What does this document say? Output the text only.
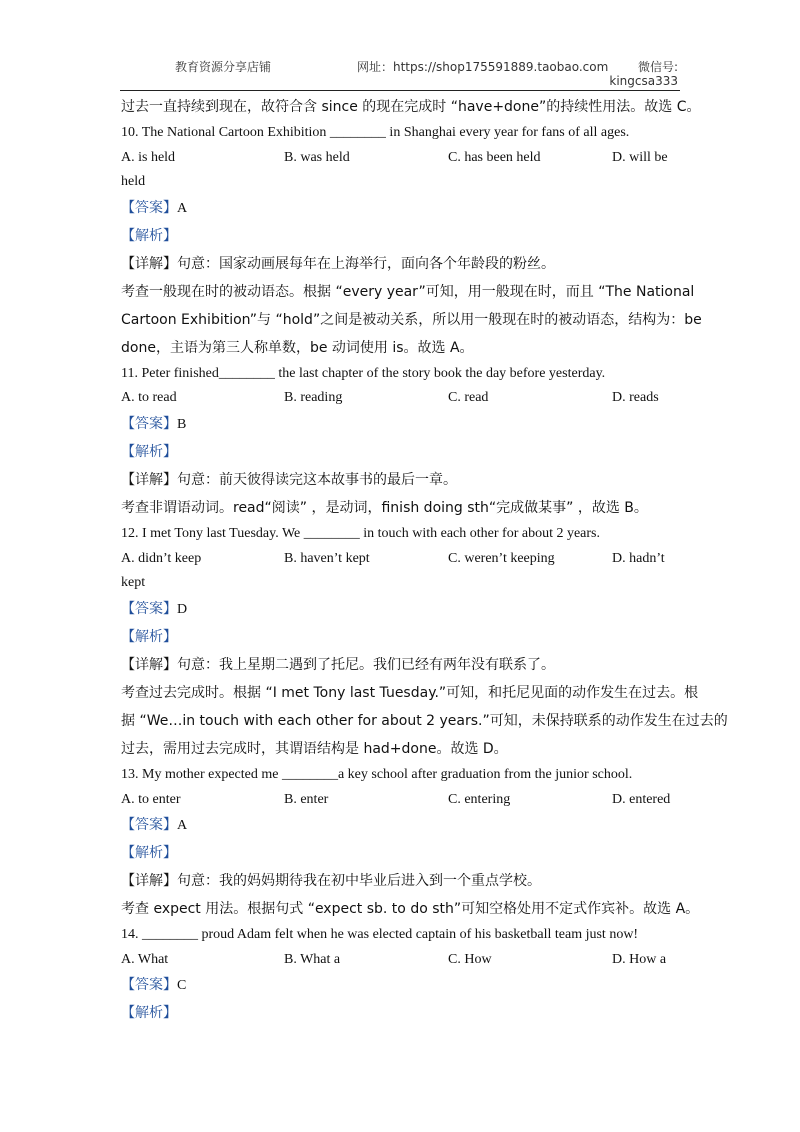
教育资源分享店铺	网址：https://shop175591889.taobao.com 微信号:
kingcsa333
过去一直持续到现在，故符合含 since 的现在完成时 “have+done”的持续性用法。故选 C。
10. The National Cartoon Exhibition ________ in Shanghai every year for fans of all ages.
A. is held	B. was held	C. has been held	D. will be
held
【答案】A
【解析】
【详解】句意：国家动画展每年在上海举行，面向各个年龄段的粉丝。
考查一般现在时的被动语态。根据 “every year”可知，用一般现在时，而且 “The National
Cartoon Exhibition”与 “hold”之间是被动关系，所以用一般现在时的被动语态，结构为：be
done，主语为第三人称单数，be 动词使用 is。故选 A。
11. Peter finished________ the last chapter of the story book the day before yesterday.
A. to read	B. reading	C. read	D. reads
【答案】B
【解析】
【详解】句意：前天彼得读完这本故事书的最后一章。
考查非谓语动词。read“阅读” ，是动词，finish doing sth“完成做某事” ，故选 B。
12. I met Tony last Tuesday. We ________ in touch with each other for about 2 years.
A. didn’t keep	B. haven’t kept	C. weren’t keeping	D. hadn’t
kept
【答案】D
【解析】
【详解】句意：我上星期二遇到了托尼。我们已经有两年没有联系了。
考查过去完成时。根据 “I met Tony last Tuesday.”可知，和托尼见面的动作发生在过去。根
据 “We…in touch with each other for about 2 years.”可知，未保持联系的动作发生在过去的
过去，需用过去完成时，其谓语结构是 had+done。故选 D。
13. My mother expected me ________a key school after graduation from the junior school.
A. to enter	B. enter	C. entering	D. entered
【答案】A
【解析】
【详解】句意：我的妈妈期待我在初中毕业后进入到一个重点学校。
考查 expect 用法。根据句式 “expect sb. to do sth”可知空格处用不定式作宾补。故选 A。
14. ________ proud Adam felt when he was elected captain of his basketball team just now!
A. What	B. What a	C. How	D. How a
【答案】C
【解析】
